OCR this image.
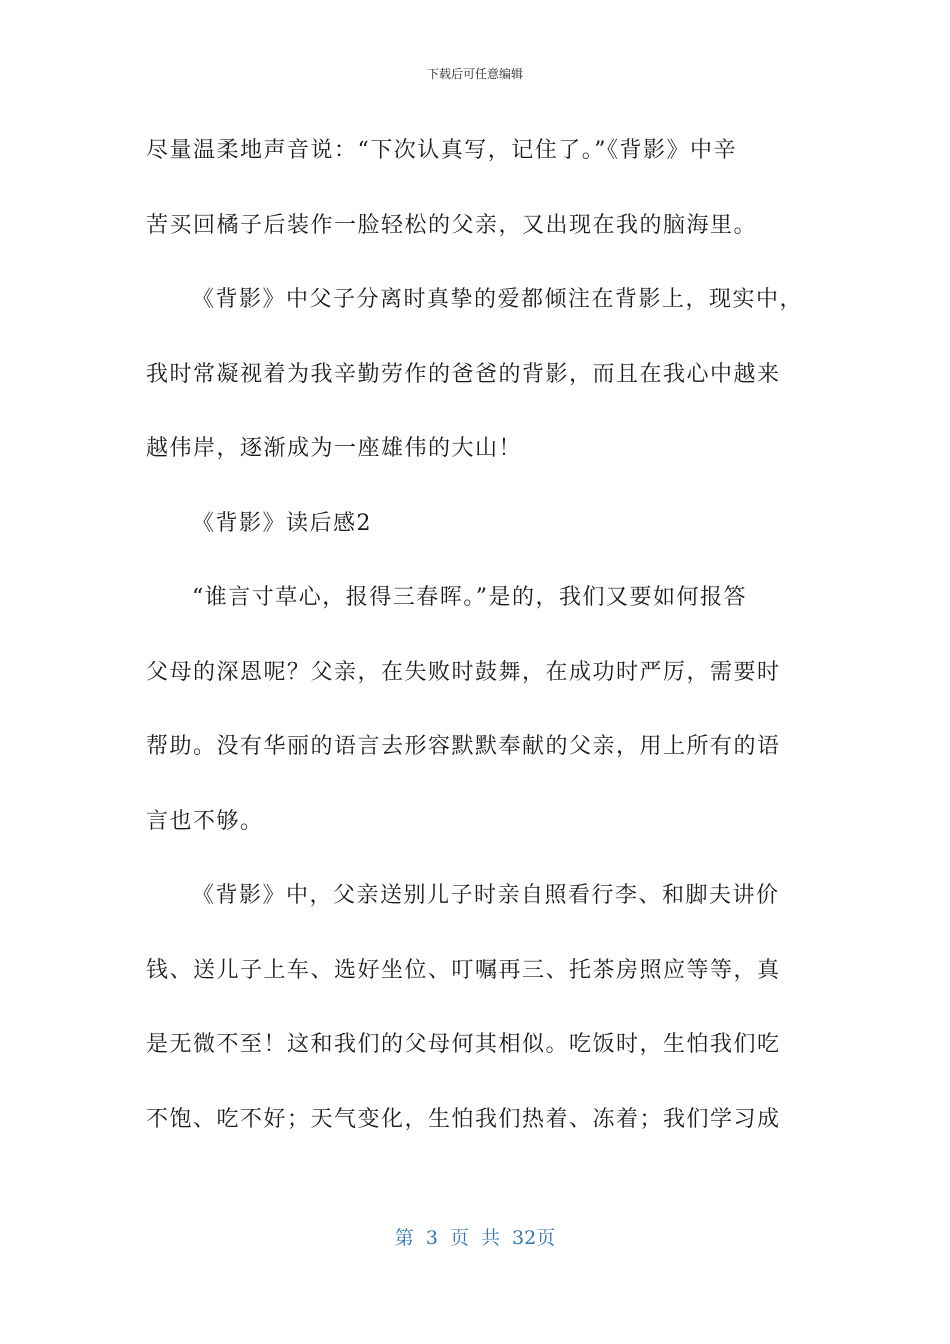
下载后可任意编辑
尽量温柔地声音说：“下次认真写，记住了。”《背影》中辛
苦买回橘子后装作一脸轻松的父亲，又出现在我的脑海里。
《背影》中父子分离时真挚的爱都倾注在背影上，现实中，
我时常凝视着为我辛勤劳作的爸爸的背影，而且在我心中越来
越伟岸，逐渐成为一座雄伟的大山！
《背影》读后感2
“谁言寸草心，报得三春晖。”是的，我们又要如何报答
父母的深恩呢？父亲，在失败时鼓舞，在成功时严厉，需要时
帮助。没有华丽的语言去形容默默奉献的父亲，用上所有的语
言也不够。
《背影》中，父亲送别儿子时亲自照看行李、和脚夫讲价
钱、送儿子上车、选好坐位、叮嘱再三、托茶房照应等等，真
是无微不至！这和我们的父母何其相似。吃饭时，生怕我们吃
不饱、吃不好；天气变化，生怕我们热着、冻着；我们学习成
第 3 页 共 32页
